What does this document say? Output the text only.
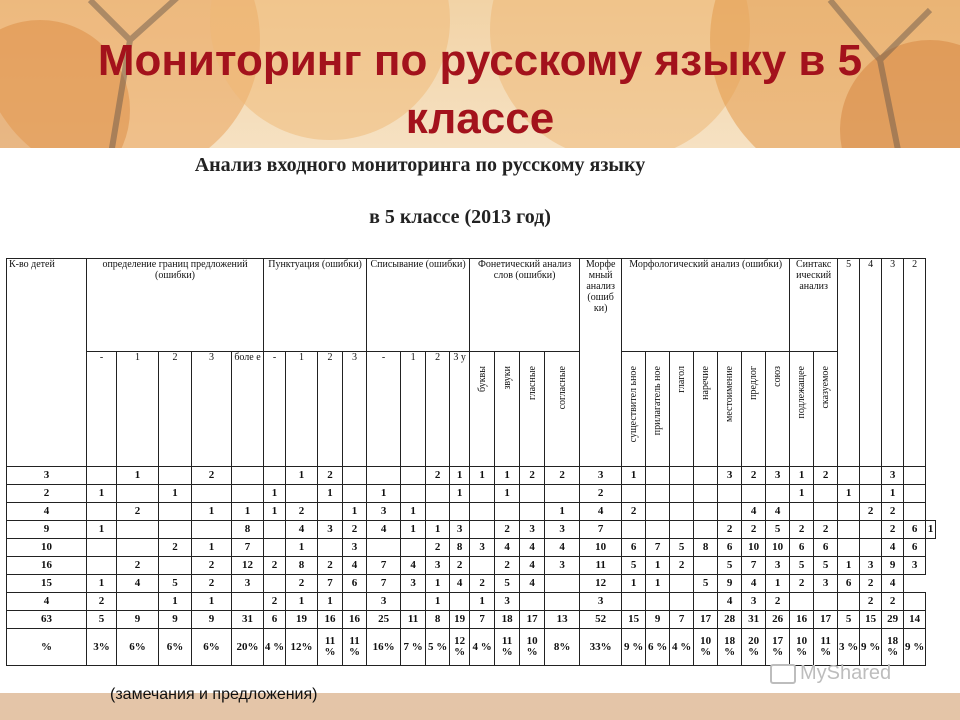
Мониторинг по русскому языку в 5 классе
Анализ входного мониторинга по русскому языку
в 5 классе (2013 год)
К-во детей	определение границ предложений (ошибки)					Пунктуация (ошибки)				Списывание (ошибки)				Фонетический анализ слов (ошибки)				Морфе мный анализ (ошиб ки)	Морфологический анализ (ошибки)							Синтакс ический анализ		5	4	3	2	
	-	1	2	3	боле е	-	1	2	3	-	1	2	3 у	буквы	звуки	гласные	согласные		существител ьное	прилагатель ное	глагол	наречие	местоимение	предлог	союз	подлежащее	сказуемое					
3		1		2			1	2				2	1	1	1	2	2	3	1				3	2	3	1	2			3		
2	1		1			1		1		1			1		1			2								1		1		1		
4		2		1	1	1	2		1	3	1						1	4	2					4	4				2	2		
9	1				8		4	3	2	4	1	1	3		2	3	3	7					2	2	5	2	2			2	6	1
10			2	1	7		1		3			2	8	3	4	4	4	10	6	7	5	8	6	10	10	6	6			4	6	
16		2		2	12	2	8	2	4	7	4	3	2		2	4	3	11	5	1	2		5	7	3	5	5	1	3	9	3	
15	1	4	5	2	3		2	7	6	7	3	1	4	2	5	4		12	1	1		5	9	4	1	2	3	6	2	4		
4	2		1	1		2	1	1		3		1		1	3			3					4	3	2				2	2		
63	5	9	9	9	31	6	19	16	16	25	11	8	19	7	18	17	13	52	15	9	7	17	28	31	26	16	17	5	15	29	14	
%	3%	6%	6%	6%	20%	4 %	12%	11 %	11 %	16%	7 %	5 %	12 %	4 %	11 %	10 %	8%	33%	9 %	6 %	4 %	10 %	18 %	20 %	17 %	10 %	11 %	3 %	9 %	18 %	9 %	
(замечания и предложения)
MyShared
